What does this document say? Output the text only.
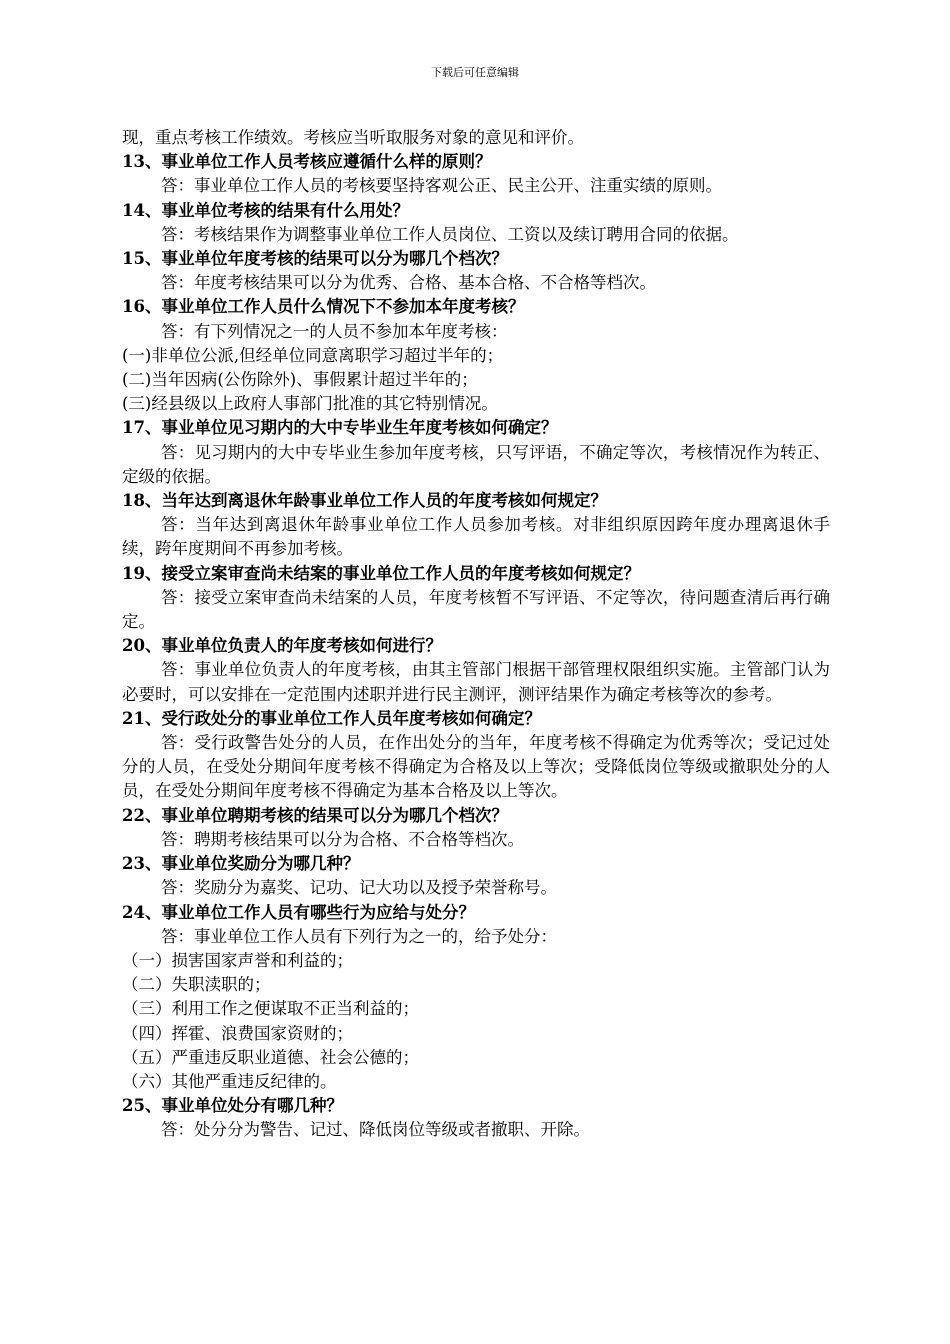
下载后可任意编辑

现，重点考核工作绩效。考核应当听取服务对象的意见和评价。

13、事业单位工作人员考核应遵循什么样的原则？

答：事业单位工作人员的考核要坚持客观公正、民主公开、注重实绩的原则。

14、事业单位考核的结果有什么用处？

答：考核结果作为调整事业单位工作人员岗位、工资以及续订聘用合同的依据。

15、事业单位年度考核的结果可以分为哪几个档次？

答：年度考核结果可以分为优秀、合格、基本合格、不合格等档次。

16、事业单位工作人员什么情况下不参加本年度考核？

答：有下列情况之一的人员不参加本年度考核：

(一)非单位公派,但经单位同意离职学习超过半年的；

(二)当年因病(公伤除外)、事假累计超过半年的；

(三)经县级以上政府人事部门批准的其它特别情况。

17、事业单位见习期内的大中专毕业生年度考核如何确定？

答：见习期内的大中专毕业生参加年度考核，只写评语，不确定等次，考核情况作为转正、定级的依据。

18、当年达到离退休年龄事业单位工作人员的年度考核如何规定？

答：当年达到离退休年龄事业单位工作人员参加考核。对非组织原因跨年度办理离退休手续，跨年度期间不再参加考核。

19、接受立案审查尚未结案的事业单位工作人员的年度考核如何规定？

答：接受立案审查尚未结案的人员，年度考核暂不写评语、不定等次，待问题查清后再行确定。

20、事业单位负责人的年度考核如何进行？

答：事业单位负责人的年度考核，由其主管部门根据干部管理权限组织实施。主管部门认为必要时，可以安排在一定范围内述职并进行民主测评，测评结果作为确定考核等次的参考。

21、受行政处分的事业单位工作人员年度考核如何确定？

答：受行政警告处分的人员，在作出处分的当年，年度考核不得确定为优秀等次；受记过处分的人员，在受处分期间年度考核不得确定为合格及以上等次；受降低岗位等级或撤职处分的人员，在受处分期间年度考核不得确定为基本合格及以上等次。

22、事业单位聘期考核的结果可以分为哪几个档次？

答：聘期考核结果可以分为合格、不合格等档次。

23、事业单位奖励分为哪几种？

答：奖励分为嘉奖、记功、记大功以及授予荣誉称号。

24、事业单位工作人员有哪些行为应给与处分？

答：事业单位工作人员有下列行为之一的，给予处分：

（一）损害国家声誉和利益的；

（二）失职渎职的；

（三）利用工作之便谋取不正当利益的；

（四）挥霍、浪费国家资财的；

（五）严重违反职业道德、社会公德的；

（六）其他严重违反纪律的。

25、事业单位处分有哪几种？

答：处分分为警告、记过、降低岗位等级或者撤职、开除。
